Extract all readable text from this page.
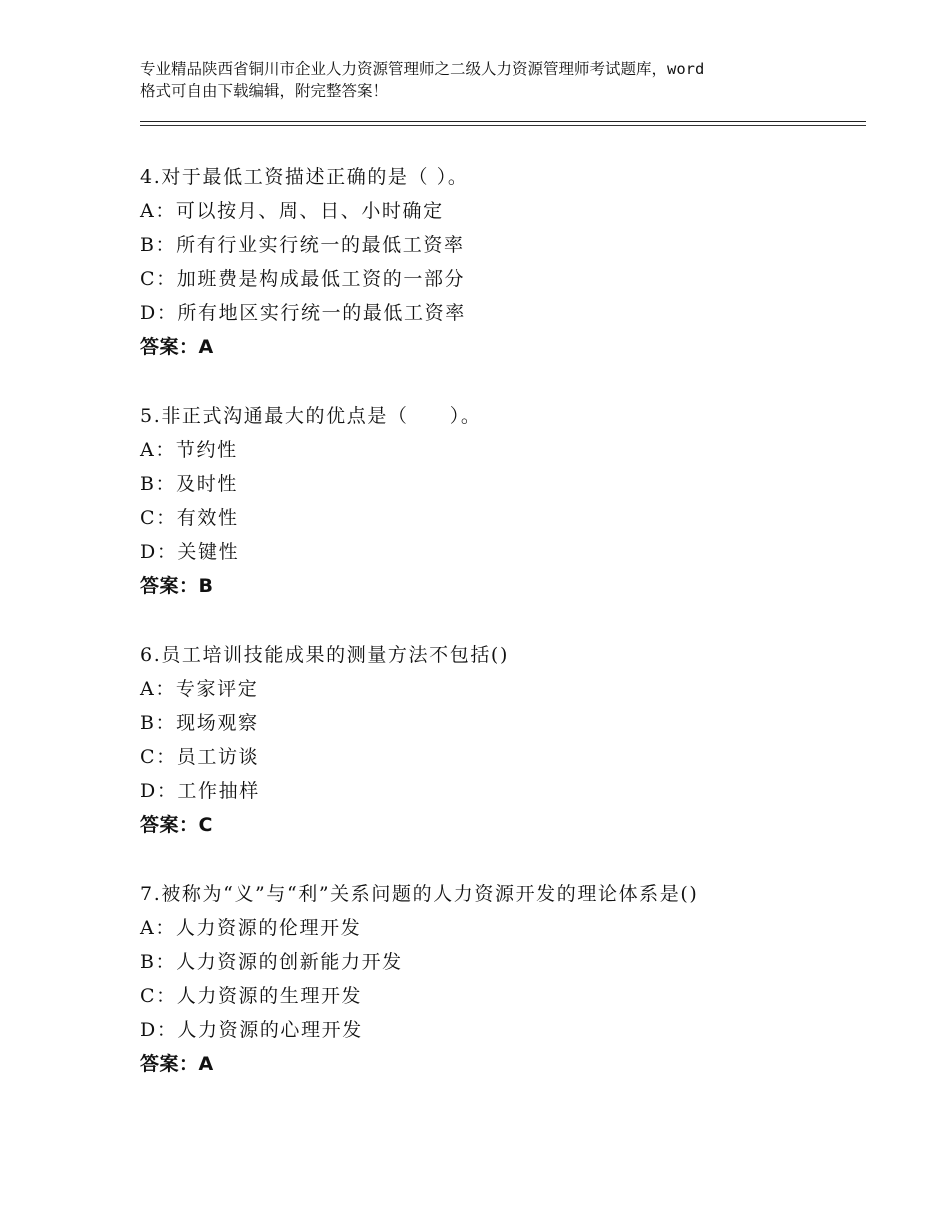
专业精品陕西省铜川市企业人力资源管理师之二级人力资源管理师考试题库，word
格式可自由下载编辑，附完整答案！
4.对于最低工资描述正确的是（ ）。
A：可以按月、周、日、小时确定
B：所有行业实行统一的最低工资率
C：加班费是构成最低工资的一部分
D：所有地区实行统一的最低工资率
答案：A
5.非正式沟通最大的优点是（　　）。
A：节约性
B：及时性
C：有效性
D：关键性
答案：B
6.员工培训技能成果的测量方法不包括()
A：专家评定
B：现场观察
C：员工访谈
D：工作抽样
答案：C
7.被称为“义”与“利”关系问题的人力资源开发的理论体系是()
A：人力资源的伦理开发
B：人力资源的创新能力开发
C：人力资源的生理开发
D：人力资源的心理开发
答案：A
